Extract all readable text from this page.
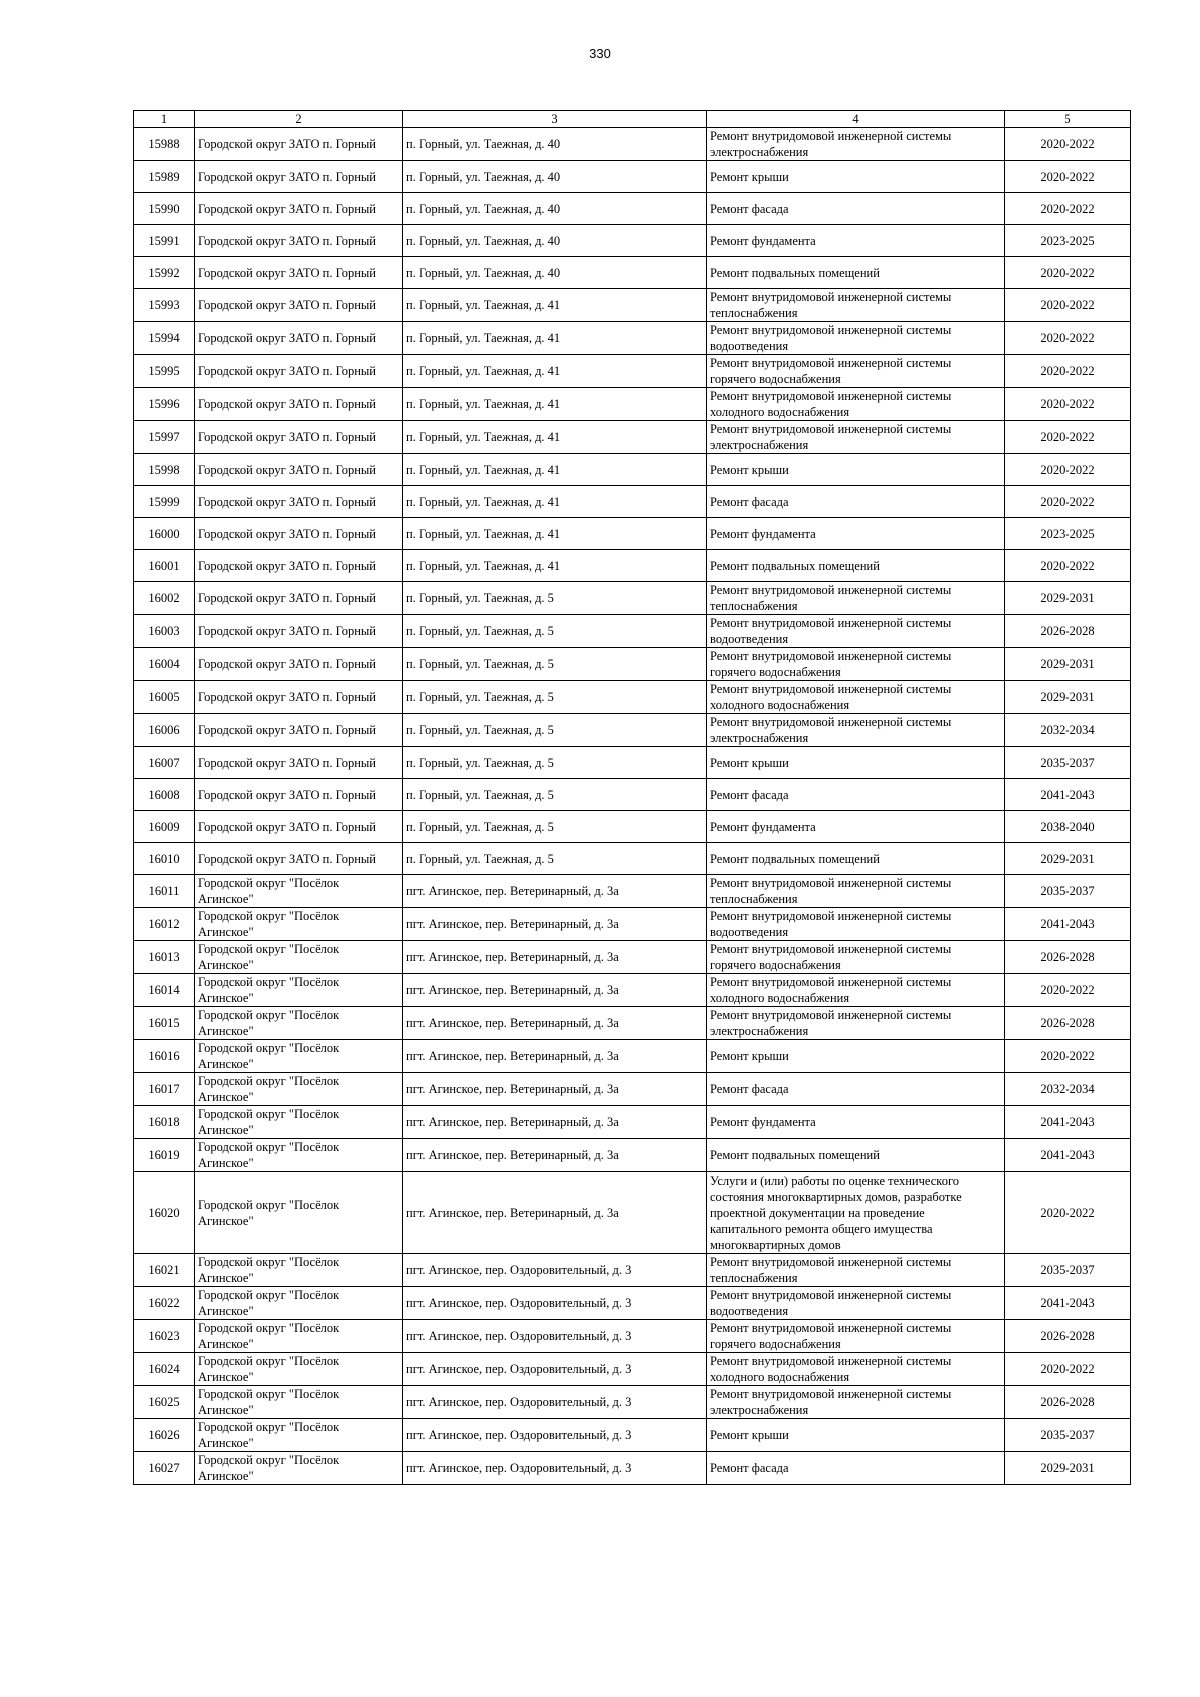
330
1	2	3	4	5

15988	Городской округ ЗАТО п. Горный	п. Горный, ул. Таежная, д. 40	Ремонт внутридомовой инженерной системы
электроснабжения	2020-2022

15989	Городской округ ЗАТО п. Горный	п. Горный, ул. Таежная, д. 40	Ремонт крыши	2020-2022

15990	Городской округ ЗАТО п. Горный	п. Горный, ул. Таежная, д. 40	Ремонт фасада	2020-2022

15991	Городской округ ЗАТО п. Горный	п. Горный, ул. Таежная, д. 40	Ремонт фундамента	2023-2025

15992	Городской округ ЗАТО п. Горный	п. Горный, ул. Таежная, д. 40	Ремонт подвальных помещений	2020-2022

15993	Городской округ ЗАТО п. Горный	п. Горный, ул. Таежная, д. 41	Ремонт внутридомовой инженерной системы
теплоснабжения	2020-2022

15994	Городской округ ЗАТО п. Горный	п. Горный, ул. Таежная, д. 41	Ремонт внутридомовой инженерной системы
водоотведения	2020-2022

15995	Городской округ ЗАТО п. Горный	п. Горный, ул. Таежная, д. 41	Ремонт внутридомовой инженерной системы
горячего водоснабжения	2020-2022

15996	Городской округ ЗАТО п. Горный	п. Горный, ул. Таежная, д. 41	Ремонт внутридомовой инженерной системы
холодного водоснабжения	2020-2022

15997	Городской округ ЗАТО п. Горный	п. Горный, ул. Таежная, д. 41	Ремонт внутридомовой инженерной системы
электроснабжения	2020-2022

15998	Городской округ ЗАТО п. Горный	п. Горный, ул. Таежная, д. 41	Ремонт крыши	2020-2022

15999	Городской округ ЗАТО п. Горный	п. Горный, ул. Таежная, д. 41	Ремонт фасада	2020-2022

16000	Городской округ ЗАТО п. Горный	п. Горный, ул. Таежная, д. 41	Ремонт фундамента	2023-2025

16001	Городской округ ЗАТО п. Горный	п. Горный, ул. Таежная, д. 41	Ремонт подвальных помещений	2020-2022

16002	Городской округ ЗАТО п. Горный	п. Горный, ул. Таежная, д. 5	Ремонт внутридомовой инженерной системы
теплоснабжения	2029-2031

16003	Городской округ ЗАТО п. Горный	п. Горный, ул. Таежная, д. 5	Ремонт внутридомовой инженерной системы
водоотведения	2026-2028

16004	Городской округ ЗАТО п. Горный	п. Горный, ул. Таежная, д. 5	Ремонт внутридомовой инженерной системы
горячего водоснабжения	2029-2031

16005	Городской округ ЗАТО п. Горный	п. Горный, ул. Таежная, д. 5	Ремонт внутридомовой инженерной системы
холодного водоснабжения	2029-2031

16006	Городской округ ЗАТО п. Горный	п. Горный, ул. Таежная, д. 5	Ремонт внутридомовой инженерной системы
электроснабжения	2032-2034

16007	Городской округ ЗАТО п. Горный	п. Горный, ул. Таежная, д. 5	Ремонт крыши	2035-2037

16008	Городской округ ЗАТО п. Горный	п. Горный, ул. Таежная, д. 5	Ремонт фасада	2041-2043

16009	Городской округ ЗАТО п. Горный	п. Горный, ул. Таежная, д. 5	Ремонт фундамента	2038-2040

16010	Городской округ ЗАТО п. Горный	п. Горный, ул. Таежная, д. 5	Ремонт подвальных помещений	2029-2031

16011	Городской округ "Посёлок
Агинское"	пгт. Агинское, пер. Ветеринарный, д. 3а	Ремонт внутридомовой инженерной системы
теплоснабжения	2035-2037

16012	Городской округ "Посёлок
Агинское"	пгт. Агинское, пер. Ветеринарный, д. 3а	Ремонт внутридомовой инженерной системы
водоотведения	2041-2043

16013	Городской округ "Посёлок
Агинское"	пгт. Агинское, пер. Ветеринарный, д. 3а	Ремонт внутридомовой инженерной системы
горячего водоснабжения	2026-2028

16014	Городской округ "Посёлок
Агинское"	пгт. Агинское, пер. Ветеринарный, д. 3а	Ремонт внутридомовой инженерной системы
холодного водоснабжения	2020-2022

16015	Городской округ "Посёлок
Агинское"	пгт. Агинское, пер. Ветеринарный, д. 3а	Ремонт внутридомовой инженерной системы
электроснабжения	2026-2028

16016	Городской округ "Посёлок
Агинское"	пгт. Агинское, пер. Ветеринарный, д. 3а	Ремонт крыши	2020-2022

16017	Городской округ "Посёлок
Агинское"	пгт. Агинское, пер. Ветеринарный, д. 3а	Ремонт фасада	2032-2034

16018	Городской округ "Посёлок
Агинское"	пгт. Агинское, пер. Ветеринарный, д. 3а	Ремонт фундамента	2041-2043

16019	Городской округ "Посёлок
Агинское"	пгт. Агинское, пер. Ветеринарный, д. 3а	Ремонт подвальных помещений	2041-2043

16020	Городской округ "Посёлок
Агинское"	пгт. Агинское, пер. Ветеринарный, д. 3а	Услуги и (или) работы по оценке технического
состояния многоквартирных домов, разработке
проектной документации на проведение
капитального ремонта общего имущества
многоквартирных домов	2020-2022

16021	Городской округ "Посёлок
Агинское"	пгт. Агинское, пер. Оздоровительный, д. 3	Ремонт внутридомовой инженерной системы
теплоснабжения	2035-2037

16022	Городской округ "Посёлок
Агинское"	пгт. Агинское, пер. Оздоровительный, д. 3	Ремонт внутридомовой инженерной системы
водоотведения	2041-2043

16023	Городской округ "Посёлок
Агинское"	пгт. Агинское, пер. Оздоровительный, д. 3	Ремонт внутридомовой инженерной системы
горячего водоснабжения	2026-2028

16024	Городской округ "Посёлок
Агинское"	пгт. Агинское, пер. Оздоровительный, д. 3	Ремонт внутридомовой инженерной системы
холодного водоснабжения	2020-2022

16025	Городской округ "Посёлок
Агинское"	пгт. Агинское, пер. Оздоровительный, д. 3	Ремонт внутридомовой инженерной системы
электроснабжения	2026-2028

16026	Городской округ "Посёлок
Агинское"	пгт. Агинское, пер. Оздоровительный, д. 3	Ремонт крыши	2035-2037

16027	Городской округ "Посёлок
Агинское"	пгт. Агинское, пер. Оздоровительный, д. 3	Ремонт фасада	2029-2031
